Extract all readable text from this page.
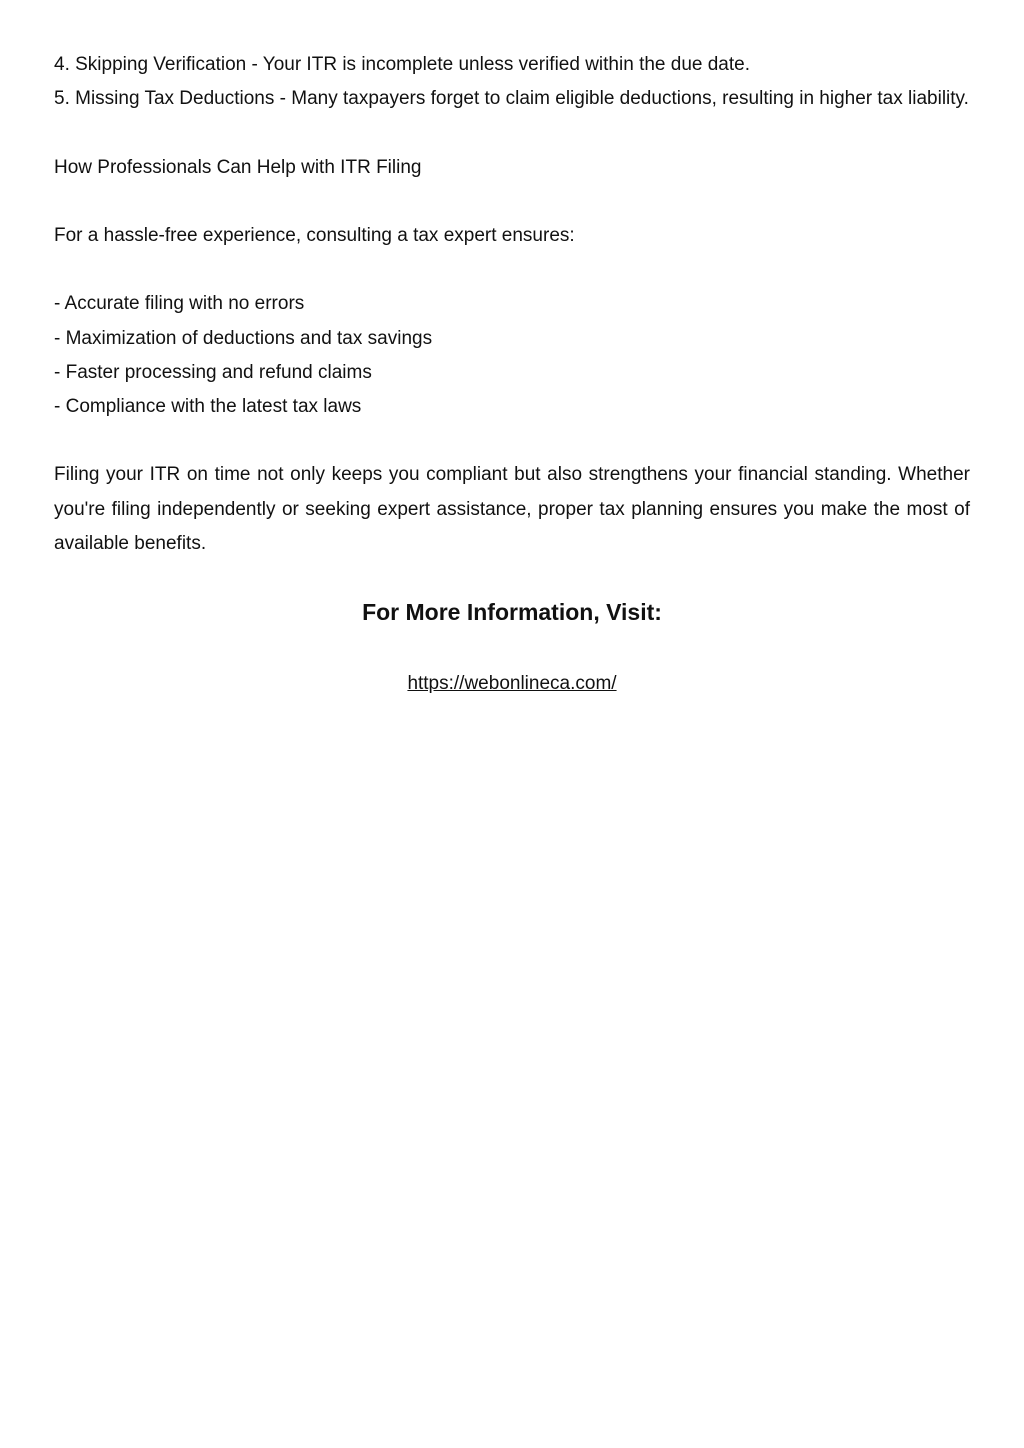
4. Skipping Verification - Your ITR is incomplete unless verified within the due date.

5. Missing Tax Deductions - Many taxpayers forget to claim eligible deductions, resulting in higher tax liability.

How Professionals Can Help with ITR Filing

For a hassle-free experience, consulting a tax expert ensures:

- Accurate filing with no errors

- Maximization of deductions and tax savings

- Faster processing and refund claims

- Compliance with the latest tax laws

Filing your ITR on time not only keeps you compliant but also strengthens your financial standing. Whether you're filing independently or seeking expert assistance, proper tax planning ensures you make the most of available benefits.

For More Information, Visit:
https://webonlineca.com/
